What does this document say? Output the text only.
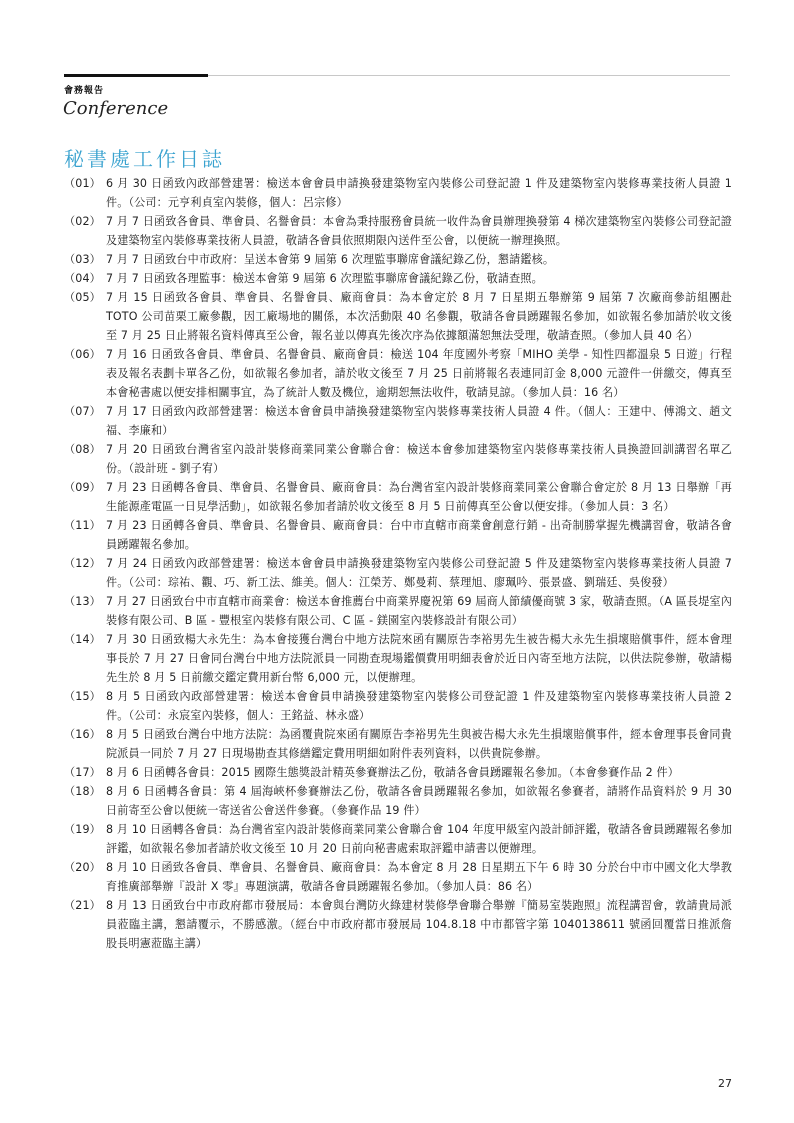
會務報告
Conference
秘書處工作日誌
（01） 6 月 30 日函致內政部營建署：檢送本會會員申請換發建築物室內裝修公司登記證 1 件及建築物室內裝修專業技術人員證 1 件。（公司：元亨利貞室內裝修，個人：呂宗修）
（02） 7 月 7 日函致各會員、準會員、名譽會員：本會為秉持服務會員統一收件為會員辦理換發第 4 梯次建築物室內裝修公司登記證及建築物室內裝修專業技術人員證，敬請各會員依照期限內送件至公會，以便統一辦理換照。
（03） 7 月 7 日函致台中市政府：呈送本會第 9 屆第 6 次理監事聯席會議紀錄乙份，懇請鑑核。
（04） 7 月 7 日函致各理監事：檢送本會第 9 屆第 6 次理監事聯席會議紀錄乙份，敬請查照。
（05） 7 月 15 日函致各會員、準會員、名譽會員、廠商會員：為本會定於 8 月 7 日星期五舉辦第 9 屆第 7 次廠商參訪組團赴 TOTO 公司苗栗工廠參觀，因工廠場地的關係，本次活動限 40 名參觀，敬請各會員踴躍報名參加，如欲報名參加請於收文後至 7 月 25 日止將報名資料傳真至公會，報名並以傳真先後次序為依據額滿恕無法受理，敬請查照。（參加人員 40 名）
（06） 7 月 16 日函致各會員、準會員、名譽會員、廠商會員：檢送 104 年度國外考察「MIHO 美學 - 知性四都溫泉 5 日遊」行程表及報名表劃卡單各乙份，如欲報名參加者，請於收文後至 7 月 25 日前將報名表連同訂金 8,000 元證件一併繳交，傳真至本會秘書處以便安排相關事宜，為了統計人數及機位，逾期恕無法收件，敬請見諒。（參加人員：16 名）
（07） 7 月 17 日函致內政部營建署：檢送本會會員申請換發建築物室內裝修專業技術人員證 4 件。（個人：王建中、傅鴻文、趙文福、李廉和）
（08） 7 月 20 日函致台灣省室內設計裝修商業同業公會聯合會：檢送本會參加建築物室內裝修專業技術人員換證回訓講習名單乙份。（設計班 - 劉子宥）
（09） 7 月 23 日函轉各會員、準會員、名譽會員、廠商會員：為台灣省室內設計裝修商業同業公會聯合會定於 8 月 13 日舉辦「再生能源產電區一日見學活動」，如欲報名參加者請於收文後至 8 月 5 日前傳真至公會以便安排。（參加人員：3 名）
（11） 7 月 23 日函轉各會員、準會員、名譽會員、廠商會員：台中市直轄市商業會創意行銷 - 出奇制勝掌握先機講習會，敬請各會員踴躍報名參加。
（12） 7 月 24 日函致內政部營建署：檢送本會會員申請換發建築物室內裝修公司登記證 5 件及建築物室內裝修專業技術人員證 7 件。（公司：琮祐、觀、巧、新工法、維美。個人：江榮芳、鄭曼莉、蔡理旭、廖珮吟、張景盛、劉瑞廷、吳俊發）
（13） 7 月 27 日函致台中市直轄市商業會：檢送本會推薦台中商業界慶祝第 69 屆商人節績優商號 3 家，敬請查照。（A 區長堤室內裝修有限公司、B 區 - 豐根室內裝修有限公司、C 區 - 鎂園室內裝修設計有限公司）
（14） 7 月 30 日函致楊大永先生：為本會接獲台灣台中地方法院來函有關原告李裕男先生被告楊大永先生損壞賠償事件，經本會理事長於 7 月 27 日會同台灣台中地方法院派員一同勘查現場鑑價費用明細表會於近日內寄至地方法院，以供法院參辦，敬請楊先生於 8 月 5 日前繳交鑑定費用新台幣 6,000 元，以便辦理。
（15） 8 月 5 日函致內政部營建署：檢送本會會員申請換發建築物室內裝修公司登記證 1 件及建築物室內裝修專業技術人員證 2 件。（公司：永宸室內裝修，個人：王銘益、林永盛）
（16） 8 月 5 日函致台灣台中地方法院：為函覆貴院來函有關原告李裕男先生與被告楊大永先生損壞賠償事件，經本會理事長會同貴院派員一同於 7 月 27 日現場勘查其修繕鑑定費用明細如附件表列資料，以供貴院參辦。
（17） 8 月 6 日函轉各會員：2015 國際生態獎設計精英參賽辦法乙份，敬請各會員踴躍報名參加。（本會參賽作品 2 件）
（18） 8 月 6 日函轉各會員：第 4 屆海峽杯參賽辦法乙份，敬請各會員踴躍報名參加，如欲報名參賽者，請將作品資料於 9 月 30 日前寄至公會以便統一寄送省公會送件參賽。（參賽作品 19 件）
（19） 8 月 10 日函轉各會員：為台灣省室內設計裝修商業同業公會聯合會 104 年度甲級室內設計師評鑑，敬請各會員踴躍報名參加評鑑，如欲報名參加者請於收文後至 10 月 20 日前向秘書處索取評鑑申請書以便辦理。
（20） 8 月 10 日函致各會員、準會員、名譽會員、廠商會員：為本會定 8 月 28 日星期五下午 6 時 30 分於台中市中國文化大學教育推廣部舉辦『設計 X 零』專題演講，敬請各會員踴躍報名參加。（參加人員：86 名）
（21） 8 月 13 日函致台中市政府都市發展局：本會與台灣防火綠建材裝修學會聯合舉辦『簡易室裝跑照』流程講習會，敦請貴局派員蒞臨主講，懇請覆示，不勝感激。（經台中市政府都市發展局 104.8.18 中市都管字第 1040138611 號函回覆當日推派詹股長明憲蒞臨主講）
27
